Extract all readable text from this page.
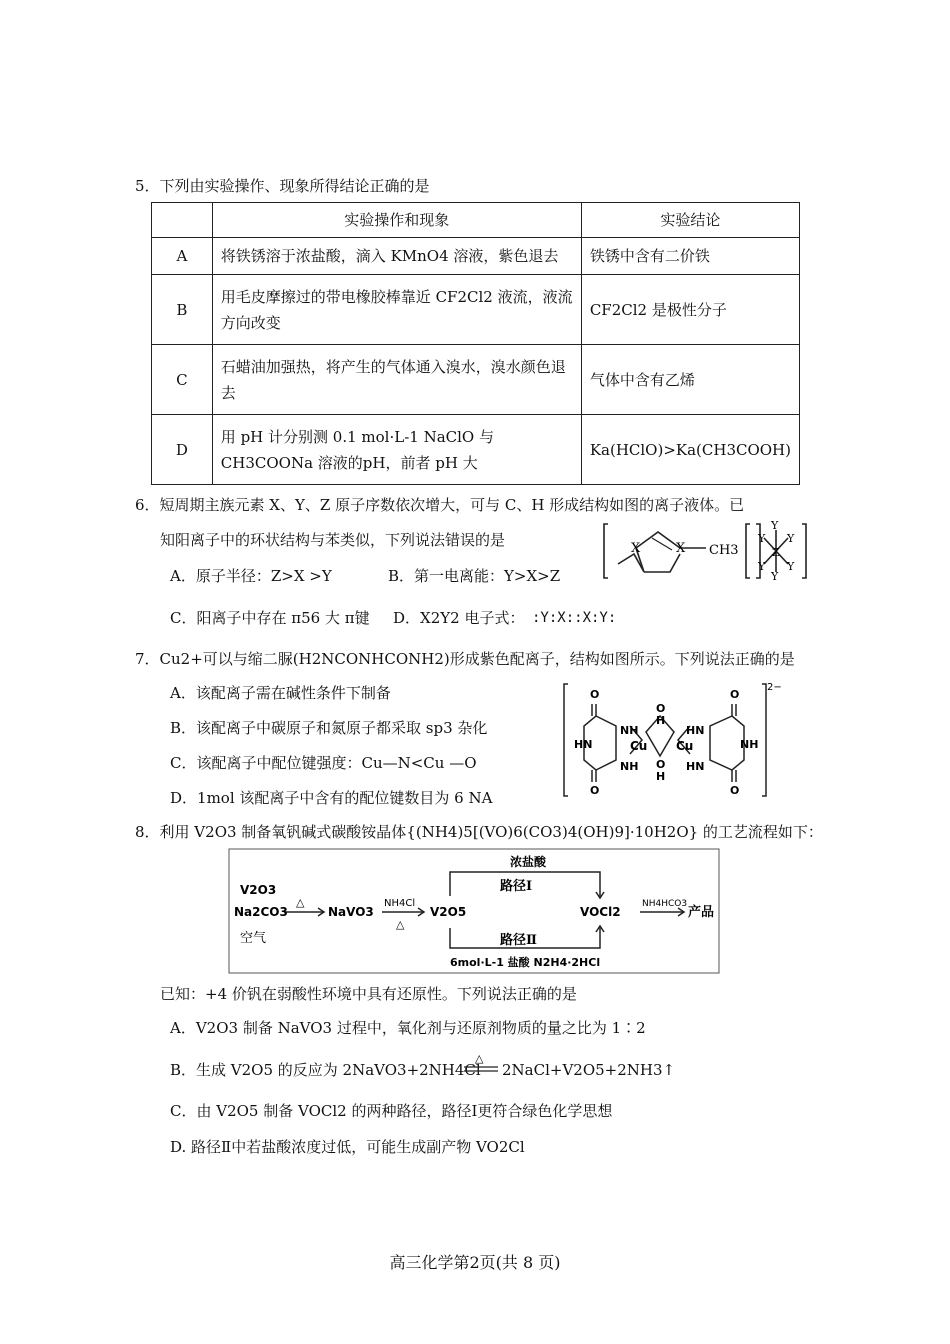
5．下列由实验操作、现象所得结论正确的是
	实验操作和现象	实验结论
A	将铁锈溶于浓盐酸，滴入 KMnO4 溶液，紫色退去	铁锈中含有二价铁
B	用毛皮摩擦过的带电橡胶棒靠近 CF2Cl2 液流，液流方向改变	CF2Cl2 是极性分子
C	石蜡油加强热，将产生的气体通入溴水，溴水颜色退去	气体中含有乙烯
D	用 pH 计分别测 0.1 mol·L-1 NaClO 与 CH3COONa 溶液的pH，前者 pH 大	Ka(HClO)>Ka(CH3COOH)
6．短周期主族元素 X、Y、Z 原子序数依次增大，可与 C、H 形成结构如图的离子液体。已
知阳离子中的环状结构与苯类似，下列说法错误的是
A．原子半径：Z>X >Y	B．第一电离能：Y>X>Z
C．阳离子中存在 π56 大 π键 D．X2Y2 电子式： :Y:X::X:Y:
X	X CH3	Z
Y
Y
Y Y
Y Y
7．Cu2+可以与缩二脲(H2NCONHCONH2)形成紫色配离子，结构如图所示。下列说法正确的是
A．该配离子需在碱性条件下制备
B．该配离子中碳原子和氮原子都采取 sp3 杂化
C．该配离子中配位键强度：Cu—N<Cu —O
D．1mol 该配离子中含有的配位键数目为 6 NA
NH
HN
NH
Cu Cu
O
H
O
H
HN
NH
HN
O
O
O
O
2−
8．利用 V2O3 制备氧钒碱式碳酸铵晶体{(NH4)5[(VO)6(CO3)4(OH)9]·10H2O} 的工艺流程如下：
V2O3
Na2CO3
空气
△
NaVO3
NH4Cl
△
V2O5
浓盐酸
路径Ⅰ
路径Ⅱ
6mol·L-1 盐酸 N2H4·2HCl
VOCl2
NH4HCO3
产品
已知：+4 价钒在弱酸性环境中具有还原性。下列说法正确的是
A．V2O3 制备 NaVO3 过程中，氧化剂与还原剂物质的量之比为 1∶2
B．生成 V2O5 的反应为 2NaVO3+2NH4Cl
△
2NaCl+V2O5+2NH3↑
C．由 V2O5 制备 VOCl2 的两种路径，路径Ⅰ更符合绿色化学思想
D. 路径Ⅱ中若盐酸浓度过低，可能生成副产物 VO2Cl
高三化学第2页(共 8 页)
